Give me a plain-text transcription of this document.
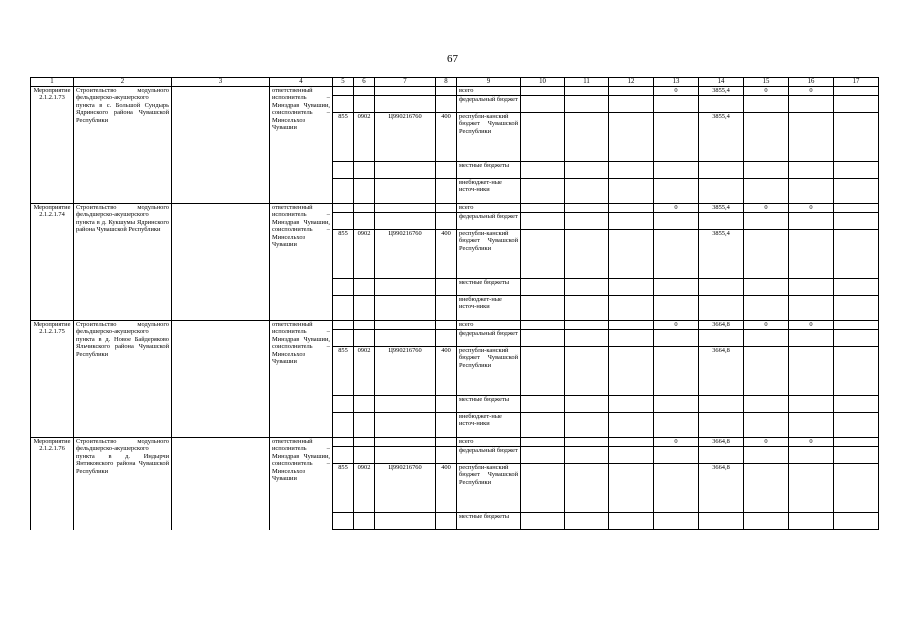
67
1	2	3	4	5	6	7	8	9	10	11	12	13	14	15	16	17
Мероприятие 2.1.2.1.73	Строительство модульного фельдшерско-акушерского пункта в с. Большой Сундырь Ядринского района Чувашской Республики		ответственный исполнитель – Минздрав Чувашии, соисполнитель – Минсельхоз Чувашии					всего				0	3855,4	0	0	
								федеральный бюджет								
				855	0902	Ц990216760	400	республи-канский бюджет Чувашской Республики					3855,4			
								местные бюджеты								
								внебюджет-ные источ-ники								
Мероприятие 2.1.2.1.74	Строительство модульного фельдшерско-акушерского пункта в д. Кукшумы Ядринского района Чувашской Республики		ответственный исполнитель – Минздрав Чувашии, соисполнитель – Минсельхоз Чувашии					всего				0	3855,4	0	0	
								федеральный бюджет								
				855	0902	Ц990216760	400	республи-канский бюджет Чувашской Республики					3855,4			
								местные бюджеты								
								внебюджет-ные источ-ники								
Мероприятие 2.1.2.1.75	Строительство модульного фельдшерско-акушерского пункта в д. Новое Байдеряково Яльчикского района Чувашской Республики		ответственный исполнитель – Минздрав Чувашии, соисполнитель – Минсельхоз Чувашии					всего				0	3664,8	0	0	
								федеральный бюджет								
				855	0902	Ц990216760	400	республи-канский бюджет Чувашской Республики					3664,8			
								местные бюджеты								
								внебюджет-ные источ-ники								
Мероприятие 2.1.2.1.76	Строительство модульного фельдшерско-акушерского пункта в д. Индырчи Янтиковского района Чувашской Республики		ответственный исполнитель – Минздрав Чувашии, соисполнитель – Минсельхоз Чувашии					всего				0	3664,8	0	0	
								федеральный бюджет								
				855	0902	Ц990216760	400	республи-канский бюджет Чувашской Республики					3664,8			
								местные бюджеты								
